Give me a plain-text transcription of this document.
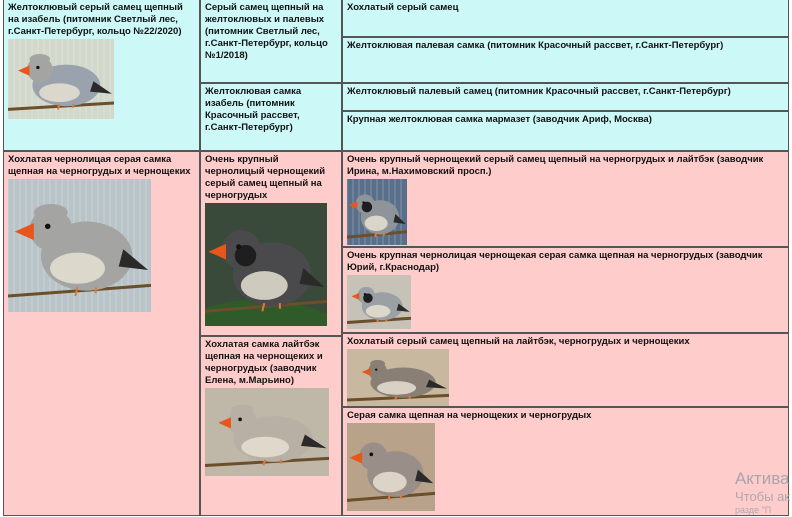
Желтоклювый серый самец щепный на изабель (питомник Светлый лес, г.Санкт-Петербург, кольцо №22/2020)
Серый самец щепный на желтоклювых и палевых (питомник Светлый лес, г.Санкт-Петербург, кольцо №1/2018)
Хохлатый серый самец
Желтоклювая палевая самка (питомник Красочный рассвет, г.Санкт-Петербург)
Желтоклювая самка изабель (питомник Красочный рассвет, г.Санкт-Петербург)
Желтоклювый палевый самец (питомник Красочный рассвет, г.Санкт-Петербург)
Крупная желтоклювая самка мармазет (заводчик Ариф, Москва)
Хохлатая чернолицая серая самка щепная на черногрудых и чернощеких
Очень крупный чернолицый чернощекий серый самец щепный на черногрудых
Хохлатая самка лайтбэк щепная на чернощеких и черногрудых (заводчик Елена, м.Марьино)
Очень крупный чернощекий серый самец щепный на черногрудых и лайтбэк (заводчик Ирина, м.Нахимовский просп.)
Очень крупная чернолицая чернощекая серая самка щепная на черногрудых (заводчик Юрий, г.Краснодар)
Хохлатый серый самец щепный на лайтбэк, черногрудых и чернощеких
Серая самка щепная на чернощеких и черногрудых
Актива
Чтобы ак
разде "П
